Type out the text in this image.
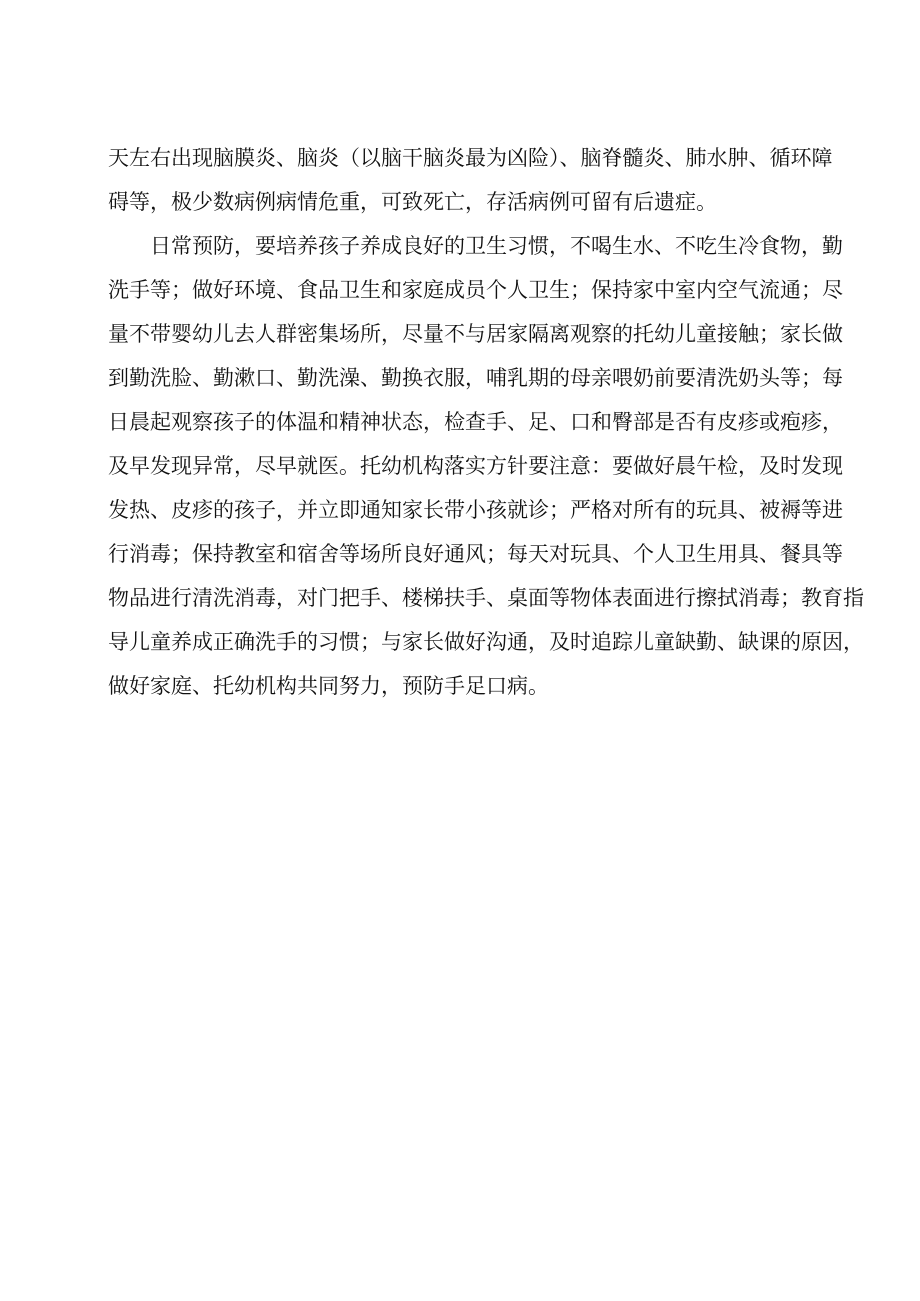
天左右出现脑膜炎、脑炎（以脑干脑炎最为凶险）、脑脊髓炎、肺水肿、循环障
碍等，极少数病例病情危重，可致死亡，存活病例可留有后遗症。
日常预防，要培养孩子养成良好的卫生习惯，不喝生水、不吃生冷食物，勤
洗手等；做好环境、食品卫生和家庭成员个人卫生；保持家中室内空气流通；尽
量不带婴幼儿去人群密集场所，尽量不与居家隔离观察的托幼儿童接触；家长做
到勤洗脸、勤漱口、勤洗澡、勤换衣服，哺乳期的母亲喂奶前要清洗奶头等；每
日晨起观察孩子的体温和精神状态，检查手、足、口和臀部是否有皮疹或疱疹，
及早发现异常，尽早就医。托幼机构落实方针要注意：要做好晨午检，及时发现
发热、皮疹的孩子，并立即通知家长带小孩就诊；严格对所有的玩具、被褥等进
行消毒；保持教室和宿舍等场所良好通风；每天对玩具、个人卫生用具、餐具等
物品进行清洗消毒，对门把手、楼梯扶手、桌面等物体表面进行擦拭消毒；教育指
导儿童养成正确洗手的习惯；与家长做好沟通，及时追踪儿童缺勤、缺课的原因，
做好家庭、托幼机构共同努力，预防手足口病。
